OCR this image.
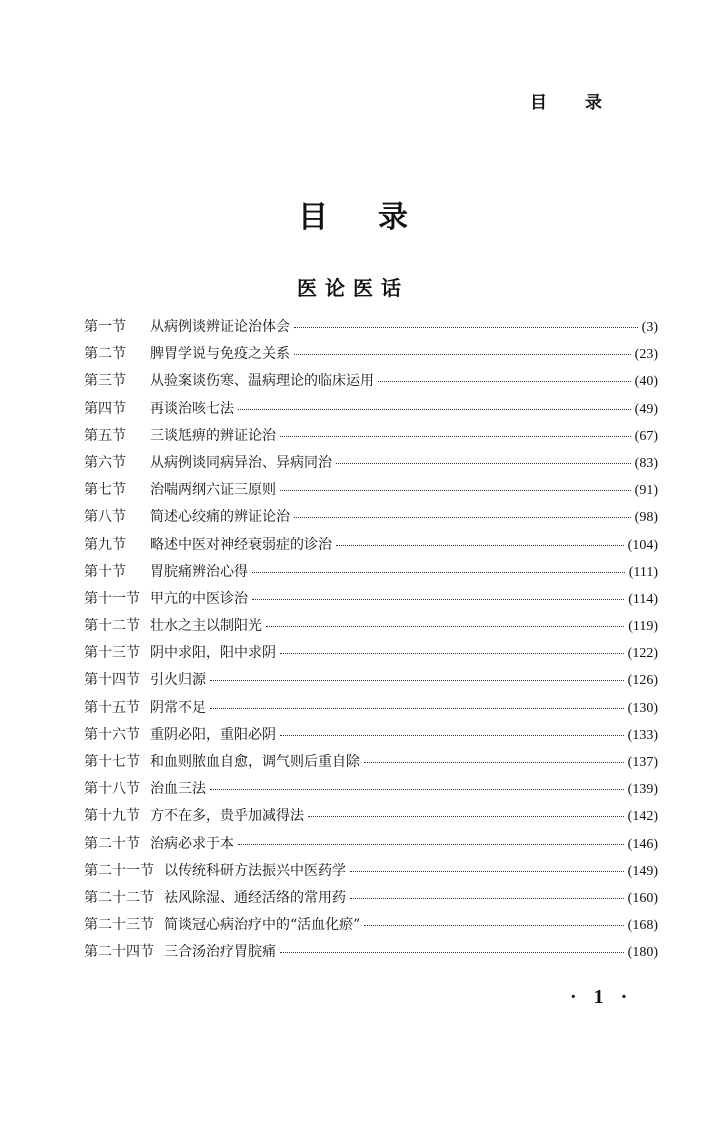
目 录
目 录
医论医话
第一节	从病例谈辨证论治体会	(3)
第二节	脾胃学说与免疫之关系	(23)
第三节	从验案谈伤寒、温病理论的临床运用	(40)
第四节	再谈治咳七法	(49)
第五节	三谈尪痹的辨证论治	(67)
第六节	从病例谈同病异治、异病同治	(83)
第七节	治喘两纲六证三原则	(91)
第八节	简述心绞痛的辨证论治	(98)
第九节	略述中医对神经衰弱症的诊治	(104)
第十节	胃脘痛辨治心得	(111)
第十一节 甲亢的中医诊治	(114)
第十二节 壮水之主以制阳光	(119)
第十三节 阴中求阳，阳中求阴	(122)
第十四节 引火归源	(126)
第十五节 阴常不足	(130)
第十六节 重阴必阳，重阳必阴	(133)
第十七节 和血则脓血自愈，调气则后重自除	(137)
第十八节 治血三法	(139)
第十九节 方不在多，贵乎加减得法	(142)
第二十节 治病必求于本	(146)
第二十一节 以传统科研方法振兴中医药学	(149)
第二十二节 祛风除湿、通经活络的常用药	(160)
第二十三节 简谈冠心病治疗中的“活血化瘀”	(168)
第二十四节 三合汤治疗胃脘痛	(180)
· 1 ·
